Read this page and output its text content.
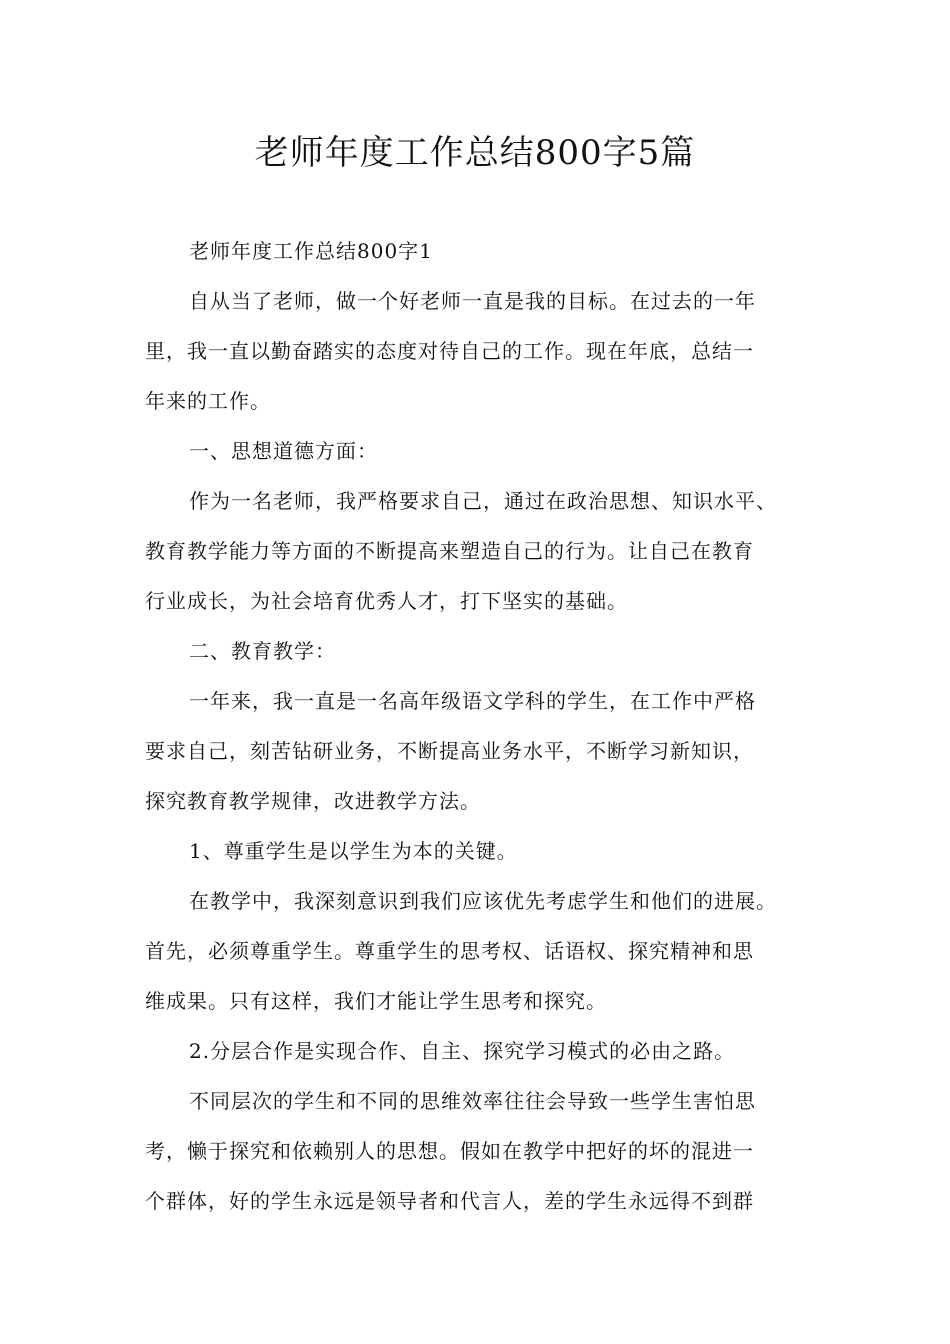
老师年度工作总结800字5篇

老师年度工作总结800字1

自从当了老师，做一个好老师一直是我的目标。在过去的一年

里，我一直以勤奋踏实的态度对待自己的工作。现在年底，总结一

年来的工作。

一、思想道德方面：

作为一名老师，我严格要求自己，通过在政治思想、知识水平、

教育教学能力等方面的不断提高来塑造自己的行为。让自己在教育

行业成长，为社会培育优秀人才，打下坚实的基础。

二、教育教学：

一年来，我一直是一名高年级语文学科的学生，在工作中严格

要求自己，刻苦钻研业务，不断提高业务水平，不断学习新知识，

探究教育教学规律，改进教学方法。

1、尊重学生是以学生为本的关键。

在教学中，我深刻意识到我们应该优先考虑学生和他们的进展。

首先，必须尊重学生。尊重学生的思考权、话语权、探究精神和思

维成果。只有这样，我们才能让学生思考和探究。

2.分层合作是实现合作、自主、探究学习模式的必由之路。

不同层次的学生和不同的思维效率往往会导致一些学生害怕思

考，懒于探究和依赖别人的思想。假如在教学中把好的坏的混进一

个群体，好的学生永远是领导者和代言人，差的学生永远得不到群
